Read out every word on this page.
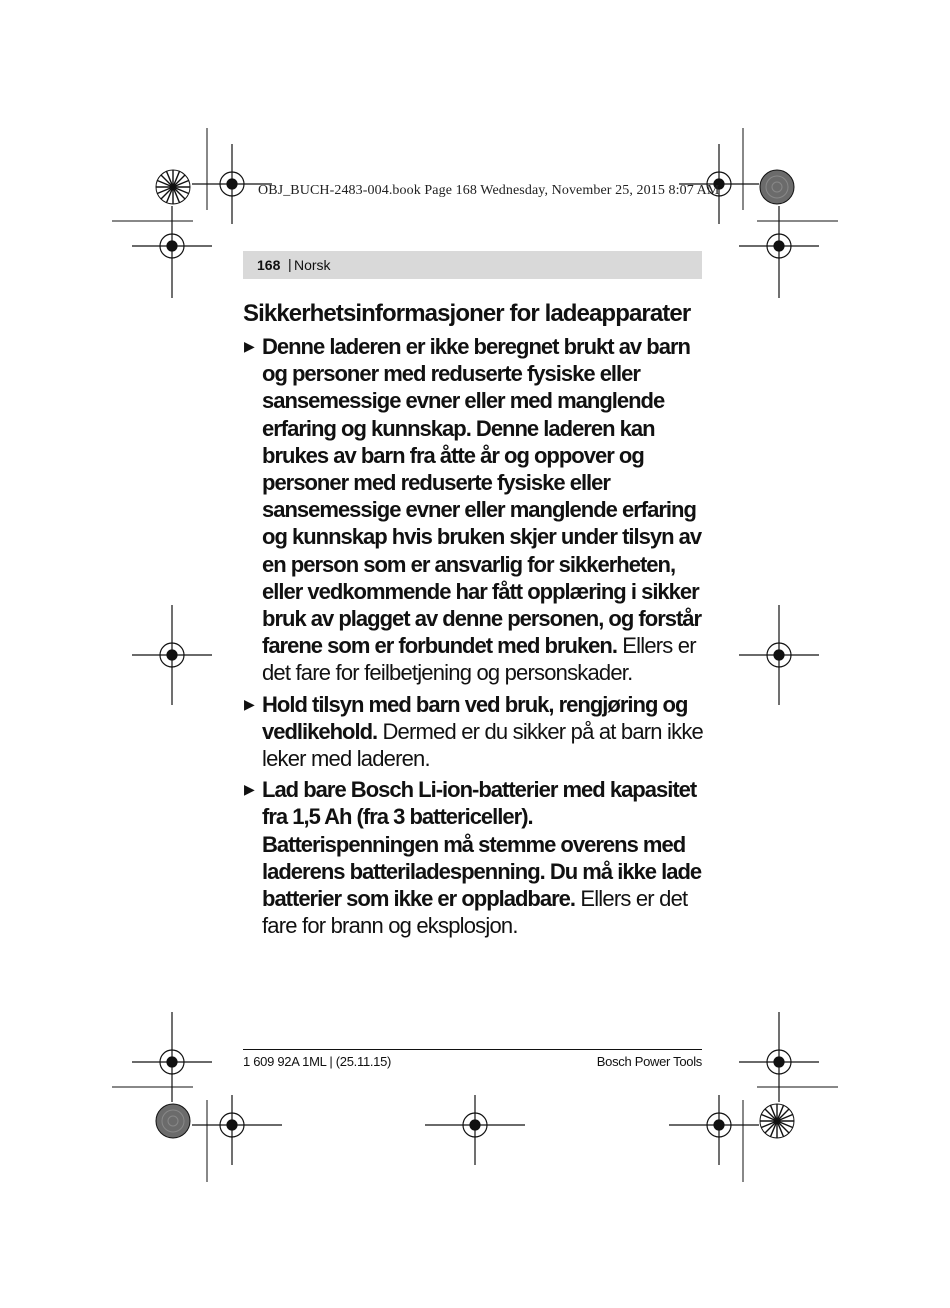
OBJ_BUCH-2483-004.book Page 168 Wednesday, November 25, 2015 8:07 AM
168 | Norsk
Sikkerhetsinformasjoner for ladeapparater
▶ Denne laderen er ikke beregnet brukt av barn og personer med reduserte fysiske eller sansemessige evner eller med manglende erfaring og kunnskap. Denne laderen kan brukes av barn fra åtte år og oppover og personer med reduserte fysiske eller sansemessige evner eller manglende erfaring og kunnskap hvis bruken skjer under tilsyn av en person som er ansvarlig for sikkerheten, eller vedkommende har fått opplæring i sikker bruk av plagget av denne personen, og forstår farene som er forbundet med bruken. Ellers er det fare for feilbetjening og personskader.

▶ Hold tilsyn med barn ved bruk, rengjøring og vedlikehold. Dermed er du sikker på at barn ikke leker med laderen.

▶ Lad bare Bosch Li-ion-batterier med kapasitet fra 1,5 Ah (fra 3 battericeller). Batterispenningen må stemme overens med laderens batteriladespenning. Du må ikke lade batterier som ikke er oppladbare. Ellers er det fare for brann og eksplosjon.

1 609 92A 1ML | (25.11.15)	Bosch Power Tools
